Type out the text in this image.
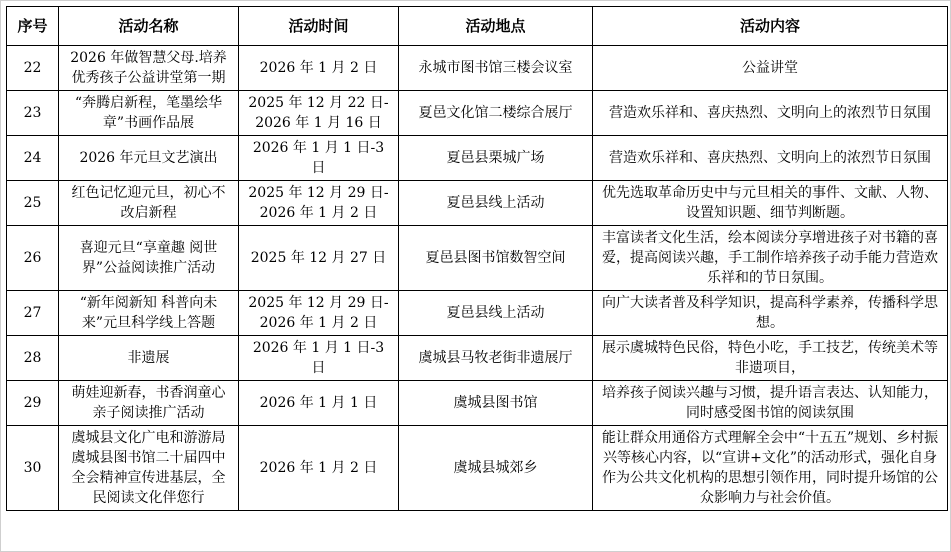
序号	活动名称	活动时间	活动地点	活动内容
22	2026 年做智慧父母.培养优秀孩子公益讲堂第一期	2026 年 1 月 2 日	永城市图书馆三楼会议室	公益讲堂
23	“奔腾启新程，笔墨绘华章”书画作品展	2025 年 12 月 22 日-2026 年 1 月 16 日	夏邑文化馆二楼综合展厅	营造欢乐祥和、喜庆热烈、文明向上的浓烈节日氛围
24	2026 年元旦文艺演出	2026 年 1 月 1 日-3 日	夏邑县栗城广场	营造欢乐祥和、喜庆热烈、文明向上的浓烈节日氛围
25	红色记忆迎元旦，初心不改启新程	2025 年 12 月 29 日-2026 年 1 月 2 日	夏邑县线上活动	优先选取革命历史中与元旦相关的事件、文献、人物、设置知识题、细节判断题。
26	喜迎元旦“享童趣 阅世界”公益阅读推广活动	2025 年 12 月 27 日	夏邑县图书馆数智空间	丰富读者文化生活，绘本阅读分享增进孩子对书籍的喜爱，提高阅读兴趣，手工制作培养孩子动手能力营造欢乐祥和的节日氛围。
27	“新年阅新知 科普向未来”元旦科学线上答题	2025 年 12 月 29 日-2026 年 1 月 2 日	夏邑县线上活动	向广大读者普及科学知识，提高科学素养，传播科学思想。
28	非遗展	2026 年 1 月 1 日-3 日	虞城县马牧老街非遗展厅	展示虞城特色民俗，特色小吃，手工技艺，传统美术等非遗项目，
29	萌娃迎新春，书香润童心亲子阅读推广活动	2026 年 1 月 1 日	虞城县图书馆	培养孩子阅读兴趣与习惯，提升语言表达、认知能力，同时感受图书馆的阅读氛围
30	虞城县文化广电和游游局虞城县图书馆二十届四中全会精神宣传进基层，全民阅读文化伴您行	2026 年 1 月 2 日	虞城县城郊乡	能让群众用通俗方式理解全会中“十五五”规划、乡村振兴等核心内容，以“宣讲+文化”的活动形式，强化自身作为公共文化机构的思想引领作用，同时提升场馆的公众影响力与社会价值。
